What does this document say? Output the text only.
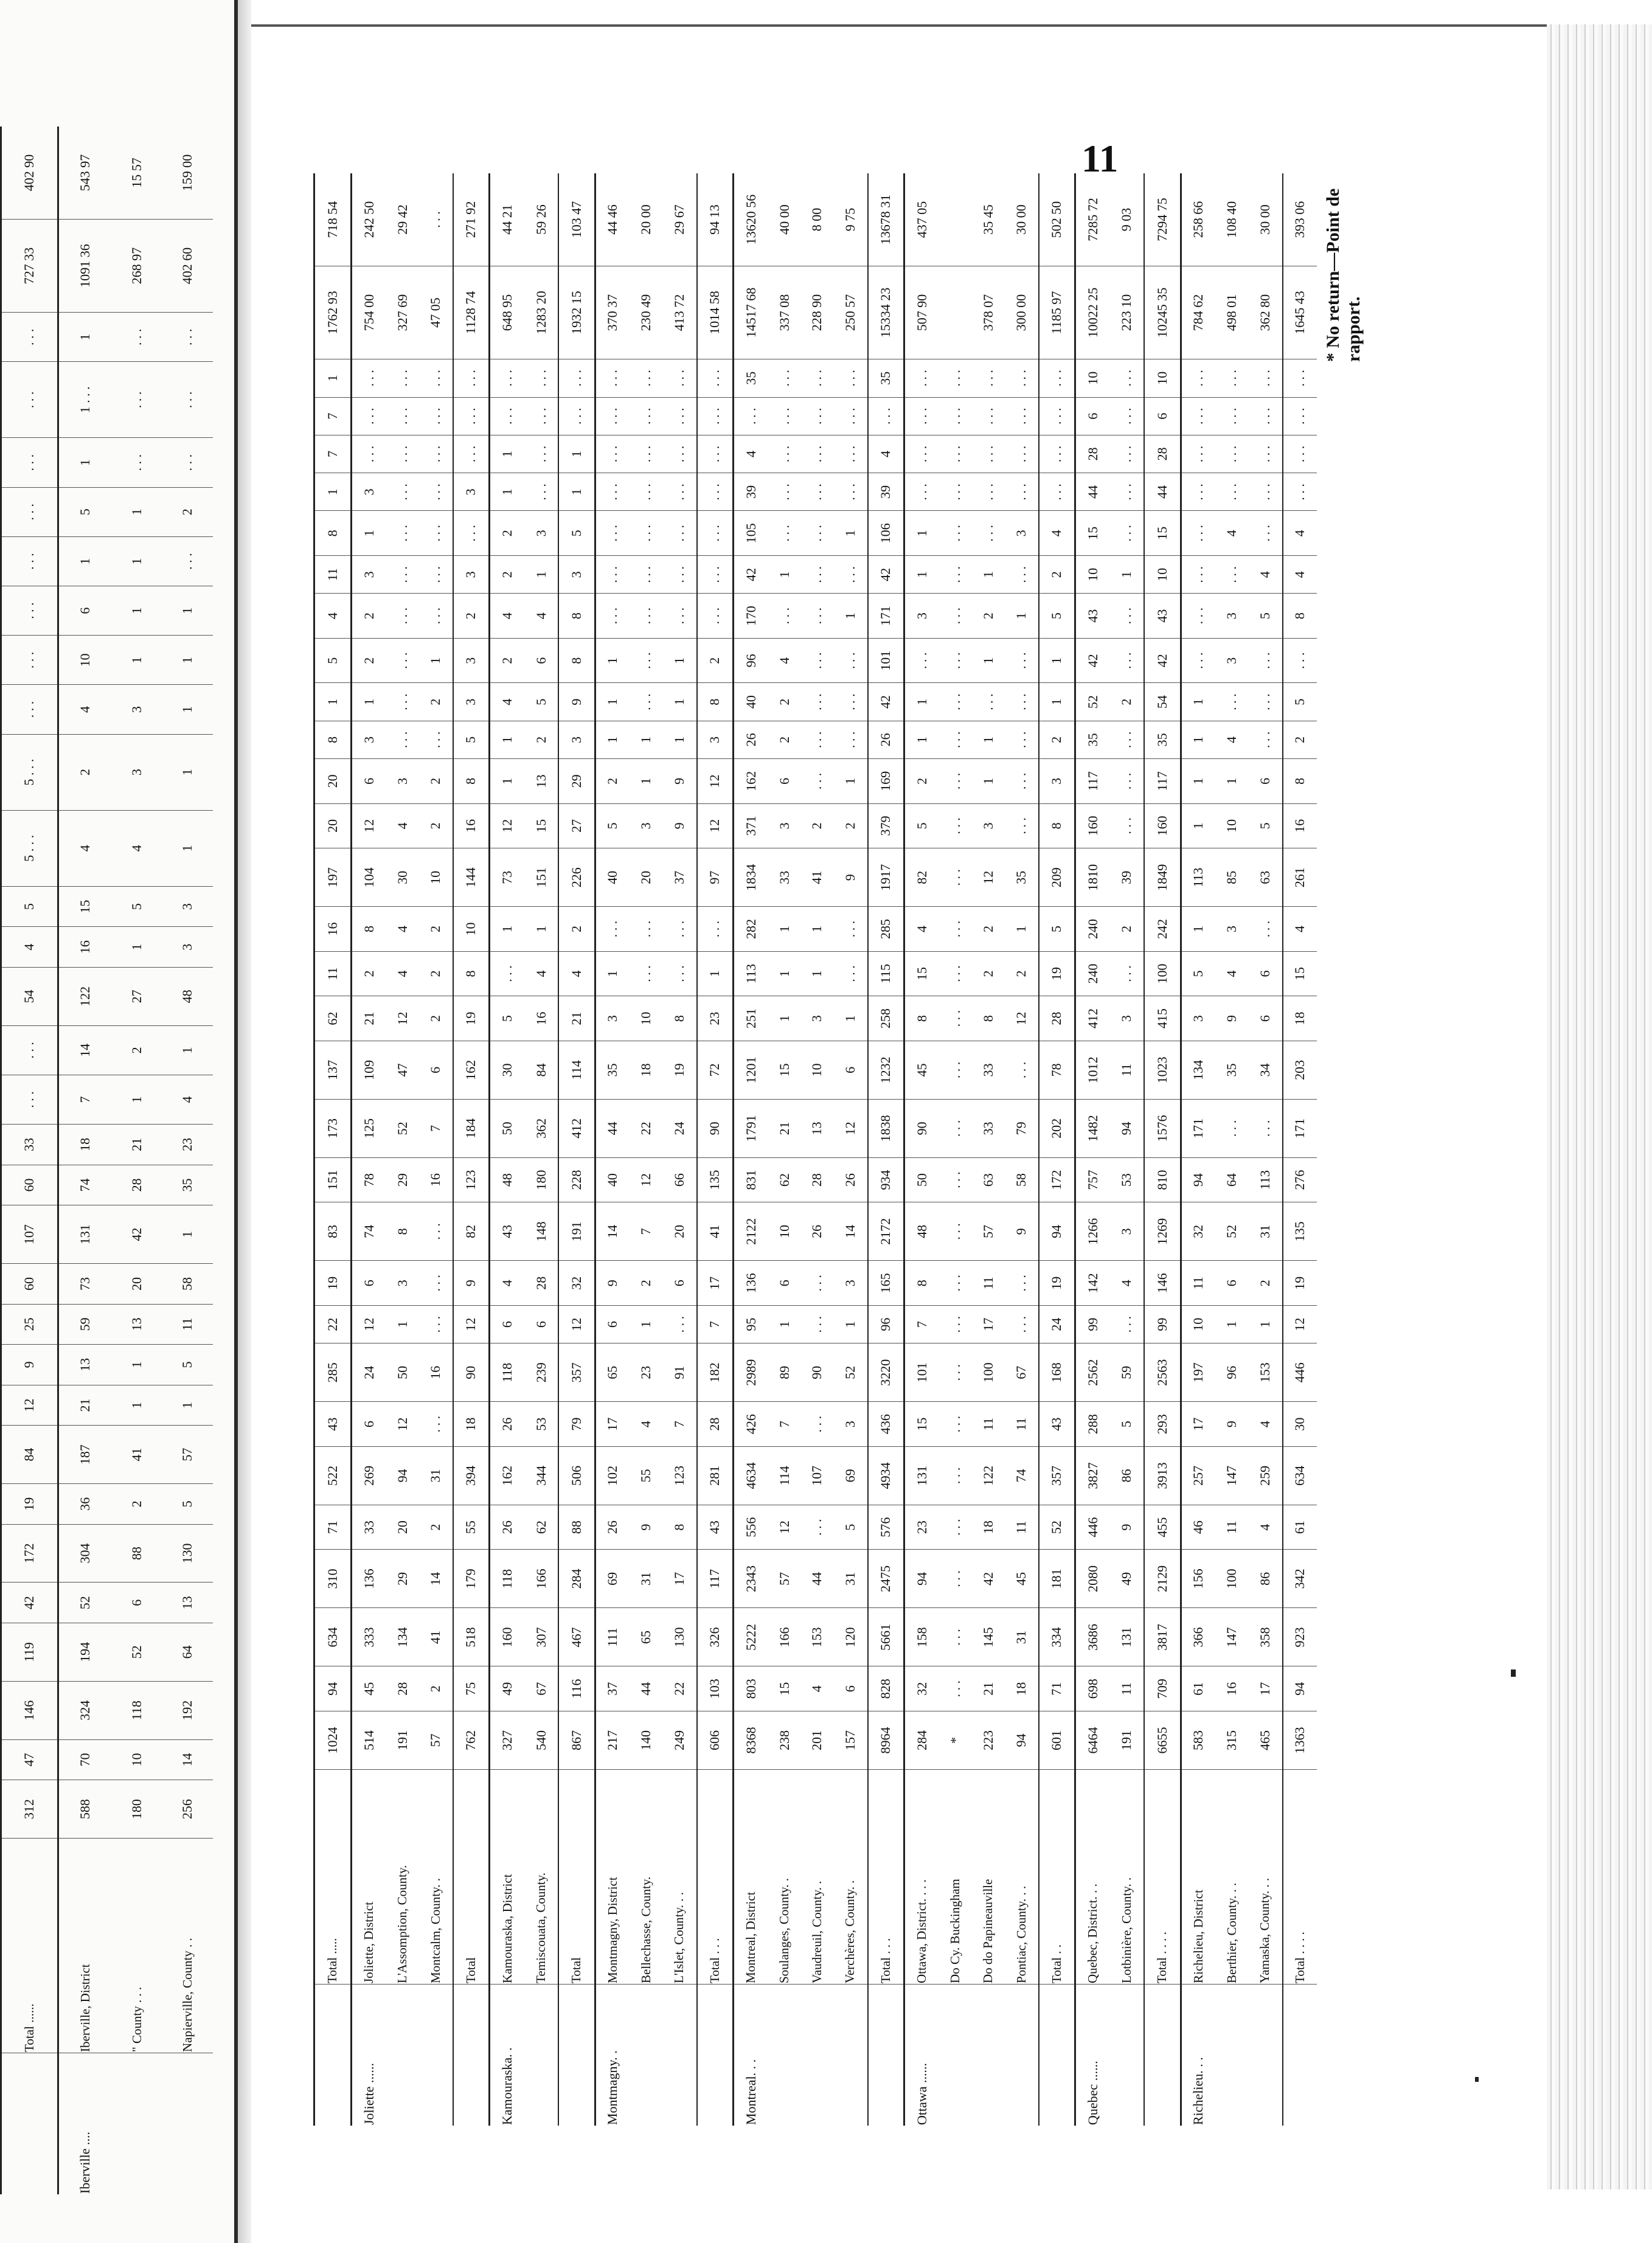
	Total ......	312	47	146	119	42	172	19	84	12	9	25	60	107	60	33	. . .	. . .	54	4	5	5 . . .	5 . . .	. . .	. . .	. . .	. . .	. . .	. . .	. . .	. . .	727 33	402 90
Iberville ....	Iberville, District	588	70	324	194	52	304	36	187	21	13	59	73	131	74	18	7	14	122	16	15	4	2	4	10	6	1	5	1	1 . . .	1	1091 36	543 97
	" County . . .	180	10	118	52	6	88	2	41	1	1	13	20	42	28	21	1	2	27	1	5	4	3	3	1	1	1	1	. . .	. . .	. . .	268 97	15 57
	Napierville, County . .	256	14	192	64	13	130	5	57	1	5	11	58	1	35	23	4	1	48	3	3	1	1	1	1	1	. . .	2	. . .	. . .	. . .	402 60	159 00	11
	Total .....	1024	94	634	310	71	522	43	285	22	19	83	151	173	137	62	11	16	197	20	20	8	1	5	4	11	8	1	7	7	1	1762 93	718 54
Joliette ......	Joliette, District	514	45	333	136	33	269	6	24	12	6	74	78	125	109	21	2	8	104	12	6	3	1	2	2	3	1	3	. . .	. . .	. . .	754 00	242 50
	L'Assomption, County.	191	28	134	29	20	94	12	50	1	3	8	29	52	47	12	4	4	30	4	3	. . .	. . .	. . .	. . .	. . .	. . .	. . .	. . .	. . .	. . .	327 69	29 42
	Montcalm, County. .	57	2	41	14	2	31	. . .	16	. . .	. . .	. . .	16	7	6	2	2	2	10	2	2	. . .	2	1	. . .	. . .	. . .	. . .	. . .	. . .	. . .	47 05	. . .
	Total	762	75	518	179	55	394	18	90	12	9	82	123	184	162	19	8	10	144	16	8	5	3	3	2	3	. . .	3	. . .	. . .	. . .	1128 74	271 92
Kamouraska. .	Kamouraska, District	327	49	160	118	26	162	26	118	6	4	43	48	50	30	5	. . .	1	73	12	1	1	4	2	4	2	2	1	1	. . .	. . .	648 95	44 21
	Temiscouata, County.	540	67	307	166	62	344	53	239	6	28	148	180	362	84	16	4	1	151	15	13	2	5	6	4	1	3	. . .	. . .	. . .	. . .	1283 20	59 26
	Total	867	116	467	284	88	506	79	357	12	32	191	228	412	114	21	4	2	226	27	29	3	9	8	8	3	5	1	1	. . .	. . .	1932 15	103 47
Montmagny. .	Montmagny, District	217	37	111	69	26	102	17	65	6	9	14	40	44	35	3	1	. . .	40	5	2	1	1	1	. . .	. . .	. . .	. . .	. . .	. . .	. . .	370 37	44 46
	Bellechasse, County.	140	44	65	31	9	55	4	23	1	2	7	12	22	18	10	. . .	. . .	20	3	1	1	. . .	. . .	. . .	. . .	. . .	. . .	. . .	. . .	. . .	230 49	20 00
	L'Islet, County. . .	249	22	130	17	8	123	7	91	. . .	6	20	66	24	19	8	. . .	. . .	37	9	9	1	1	1	. . .	. . .	. . .	. . .	. . .	. . .	. . .	413 72	29 67
	Total . . .	606	103	326	117	43	281	28	182	7	17	41	135	90	72	23	1	. . .	97	12	12	3	8	2	. . .	. . .	. . .	. . .	. . .	. . .	. . .	1014 58	94 13
Montreal. . .	Montreal, District	8368	803	5222	2343	556	4634	426	2989	95	136	2122	831	1791	1201	251	113	282	1834	371	162	26	40	96	170	42	105	39	4	. . .	35	14517 68	13620 56
	Soulanges, County. .	238	15	166	57	12	114	7	89	1	6	10	62	21	15	1	1	1	33	3	6	2	2	4	. . .	1	. . .	. . .	. . .	. . .	. . .	337 08	40 00
	Vaudreuil, County. .	201	4	153	44	. . .	107	. . .	90	. . .	. . .	26	28	13	10	3	1	1	41	2	. . .	. . .	. . .	. . .	. . .	. . .	. . .	. . .	. . .	. . .	. . .	228 90	8 00
	Verchères, County. .	157	6	120	31	5	69	3	52	1	3	14	26	12	6	1	. . .	. . .	9	2	1	. . .	. . .	. . .	1	. . .	1	. . .	. . .	. . .	. . .	250 57	9 75
	Total . . .	8964	828	5661	2475	576	4934	436	3220	96	165	2172	934	1838	1232	258	115	285	1917	379	169	26	42	101	171	42	106	39	4	. . .	35	15334 23	13678 31
Ottawa ......	Ottawa, District. . . .	284	32	158	94	23	131	15	101	7	8	48	50	90	45	8	15	4	82	5	2	1	1	. . .	3	1	1	. . .	. . .	. . .	. . .	507 90	437 05
	Do Cy. Buckingham	*	. . .	. . .	. . .	. . .	. . .	. . .	. . .	. . .	. . .	. . .	. . .	. . .	. . .	. . .	. . .	. . .	. . .	. . .	. . .	. . .	. . .	. . .	. . .	. . .	. . .	. . .	. . .	. . .	. . .		
	Do do Papineauville	223	21	145	42	18	122	11	100	17	11	57	63	33	33	8	2	2	12	3	1	1	. . .	1	2	1	. . .	. . .	. . .	. . .	. . .	378 07	35 45
	Pontiac, County. . .	94	18	31	45	11	74	11	67	. . .	. . .	9	58	79	. . .	12	2	1	35	. . .	. . .	. . .	. . .	. . .	1	. . .	3	. . .	. . .	. . .	. . .	300 00	30 00
	Total . .	601	71	334	181	52	357	43	168	24	19	94	172	202	78	28	19	5	209	8	3	2	1	1	5	2	4	. . .	. . .	. . .	. . .	1185 97	502 50
Quebec ......	Quebec, District. . .	6464	698	3686	2080	446	3827	288	2562	99	142	1266	757	1482	1012	412	240	240	1810	160	117	35	52	42	43	10	15	44	28	6	10	10022 25	7285 72
	Lotbinière, County. .	191	11	131	49	9	86	5	59	. . .	4	3	53	94	11	3	. . .	2	39	. . .	. . .	. . .	2	. . .	. . .	1	. . .	. . .	. . .	. . .	. . .	223 10	9 03
	Total . . . .	6655	709	3817	2129	455	3913	293	2563	99	146	1269	810	1576	1023	415	100	242	1849	160	117	35	54	42	43	10	15	44	28	6	10	10245 35	7294 75
Richelieu. . .	Richelieu, District	583	61	366	156	46	257	17	197	10	11	32	94	171	134	3	5	1	113	1	1	1	1	. . .	. . .	. . .	. . .	. . .	. . .	. . .	. . .	784 62	258 66
	Berthier, County. . .	315	16	147	100	11	147	9	96	1	6	52	64	. . .	35	9	4	3	85	10	1	4	. . .	3	3	. . .	4	. . .	. . .	. . .	. . .	498 01	108 40
	Yamaska, County. . .	465	17	358	86	4	259	4	153	1	2	31	113	. . .	34	6	6	. . .	63	5	6	. . .	. . .	. . .	5	4	. . .	. . .	. . .	. . .	. . .	362 80	30 00
	Total . . . .	1363	94	923	342	61	634	30	446	12	19	135	276	171	203	18	15	4	261	16	8	2	5	. . .	8	4	4	. . .	. . .	. . .	. . .	1645 43	393 06 * No return—Point de rapport.
